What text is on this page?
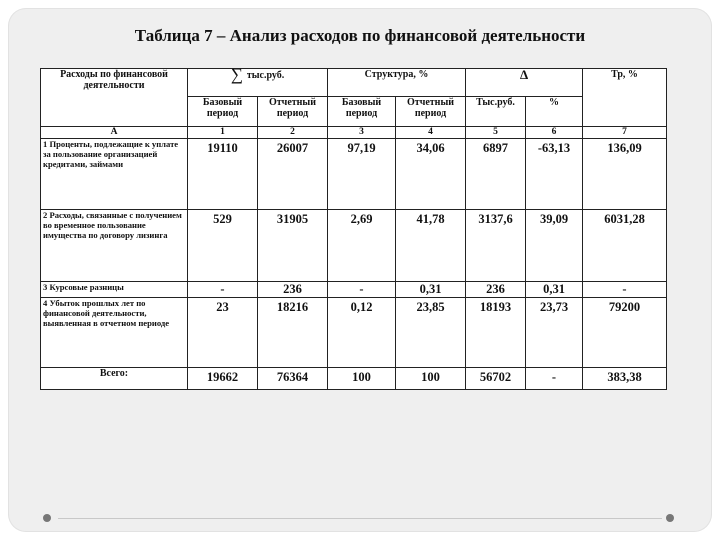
Таблица 7 – Анализ расходов по финансовой деятельности
Расходы по финансовой деятельности	∑ тыс.руб.		Структура, %		Δ		Тр, %
	Базовый период	Отчетный период	Базовый период	Отчетный период	Тыс.руб.	%	
А	1	2	3	4	5	6	7
1 Проценты, подлежащие к уплате за пользование организацией кредитами, займами	19110	26007	97,19	34,06	6897	-63,13	136,09
2 Расходы, связанные с получением во временное пользование имущества по договору лизинга	529	31905	2,69	41,78	3137,6	39,09	6031,28
3 Курсовые разницы	-	236	-	0,31	236	0,31	-
4 Убыток прошлых лет по финансовой деятельности, выявленная в отчетном периоде	23	18216	0,12	23,85	18193	23,73	79200
Всего:	19662	76364	100	100	56702	-	383,38
